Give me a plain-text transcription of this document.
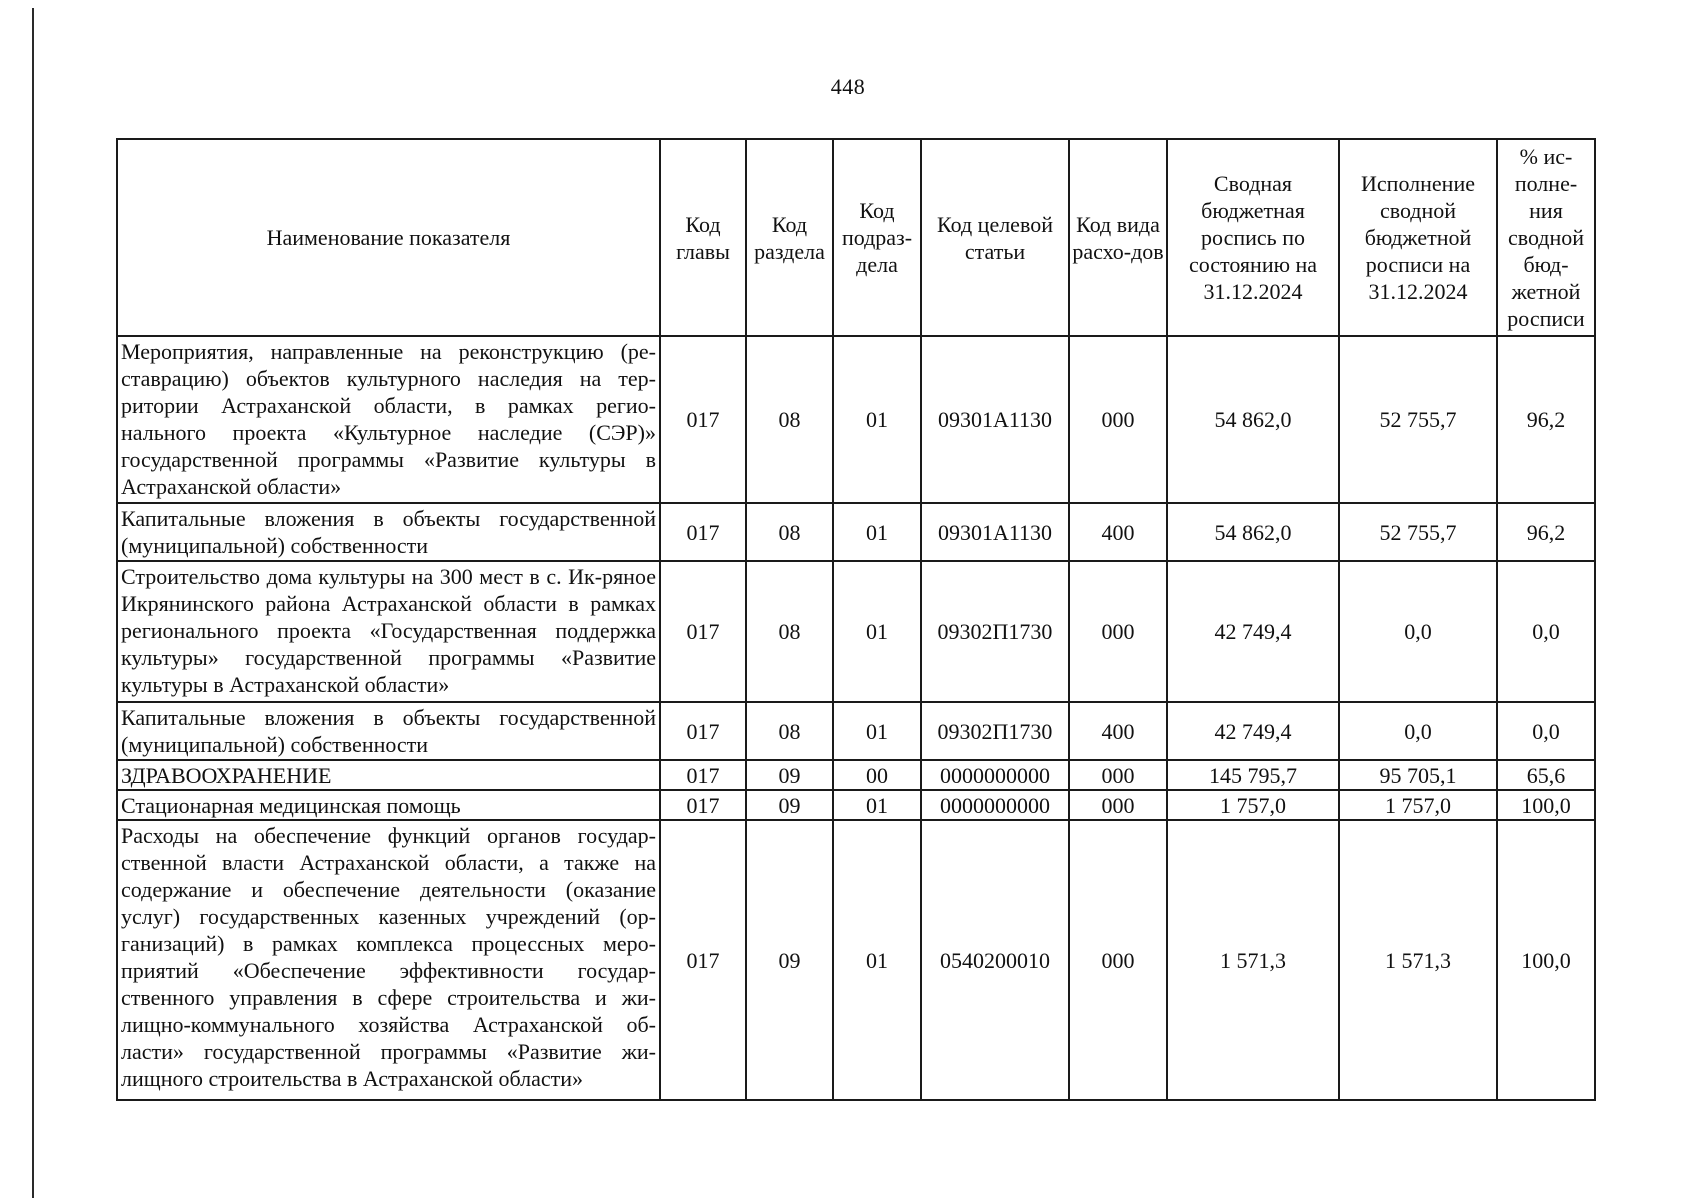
448
Наименование показателя	Код главы	Код раздела	Код подраз-дела	Код целевой статьи	Код вида расхо-дов	Сводная бюджетная роспись по состоянию на 31.12.2024	Исполнение сводной бюджетной росписи на 31.12.2024	% ис-полне-ния сводной бюд-жетной росписи
Мероприятия, направленные на реконструкцию (ре-ставрацию) объектов культурного наследия на тер-ритории Астраханской области, в рамках регио-нального проекта «Культурное наследие (СЭР)» государственной программы «Развитие культуры в Астраханской области»	017	08	01	09301А1130	000	54 862,0	52 755,7	96,2
Капитальные вложения в объекты государственной (муниципальной) собственности	017	08	01	09301А1130	400	54 862,0	52 755,7	96,2
Строительство дома культуры на 300 мест в с. Ик-ряное Икрянинского района Астраханской области в рамках регионального проекта «Государственная поддержка культуры» государственной программы «Развитие культуры в Астраханской области»	017	08	01	09302П1730	000	42 749,4	0,0	0,0
Капитальные вложения в объекты государственной (муниципальной) собственности	017	08	01	09302П1730	400	42 749,4	0,0	0,0
ЗДРАВООХРАНЕНИЕ	017	09	00	0000000000	000	145 795,7	95 705,1	65,6
Стационарная медицинская помощь	017	09	01	0000000000	000	1 757,0	1 757,0	100,0
Расходы на обеспечение функций органов государ-ственной власти Астраханской области, а также на содержание и обеспечение деятельности (оказание услуг) государственных казенных учреждений (ор-ганизаций) в рамках комплекса процессных меро-приятий «Обеспечение эффективности государ-ственного управления в сфере строительства и жи-лищно-коммунального хозяйства Астраханской об-ласти» государственной программы «Развитие жи-лищного строительства в Астраханской области»	017	09	01	0540200010	000	1 571,3	1 571,3	100,0
